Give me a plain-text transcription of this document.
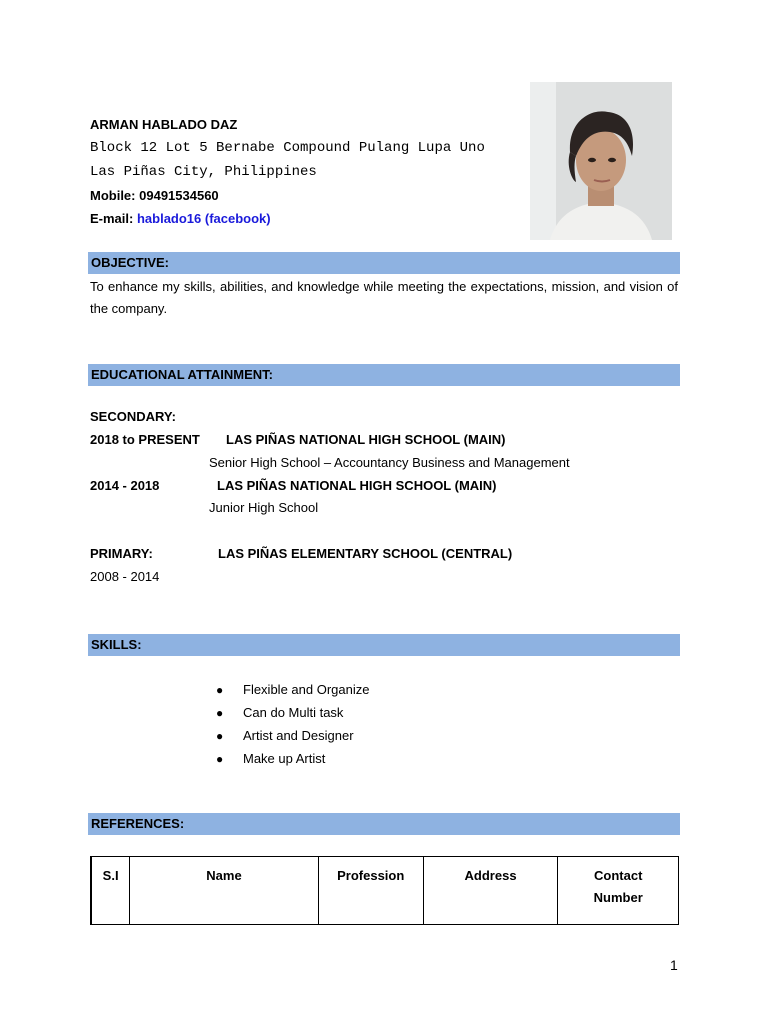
ARMAN HABLADO DAZ
Block 12 Lot 5 Bernabe Compound Pulang Lupa Uno
Las Piñas City, Philippines
Mobile: 09491534560
E-mail: hablado16 (facebook)
OBJECTIVE:
To enhance my skills, abilities, and knowledge while meeting the expectations, mission, and vision of the company.
EDUCATIONAL ATTAINMENT:
SECONDARY:
2018 to PRESENT LAS PIÑAS NATIONAL HIGH SCHOOL (MAIN)
Senior High School – Accountancy Business and Management
2014 - 2018	LAS PIÑAS NATIONAL HIGH SCHOOL (MAIN)
Junior High School
PRIMARY:	LAS PIÑAS ELEMENTARY SCHOOL (CENTRAL)
2008 - 2014
SKILLS:
● Flexible and Organize
● Can do Multi task
● Artist and Designer
● Make up Artist
REFERENCES:
S.I	Name	Profession	Address	Contact Number
1
